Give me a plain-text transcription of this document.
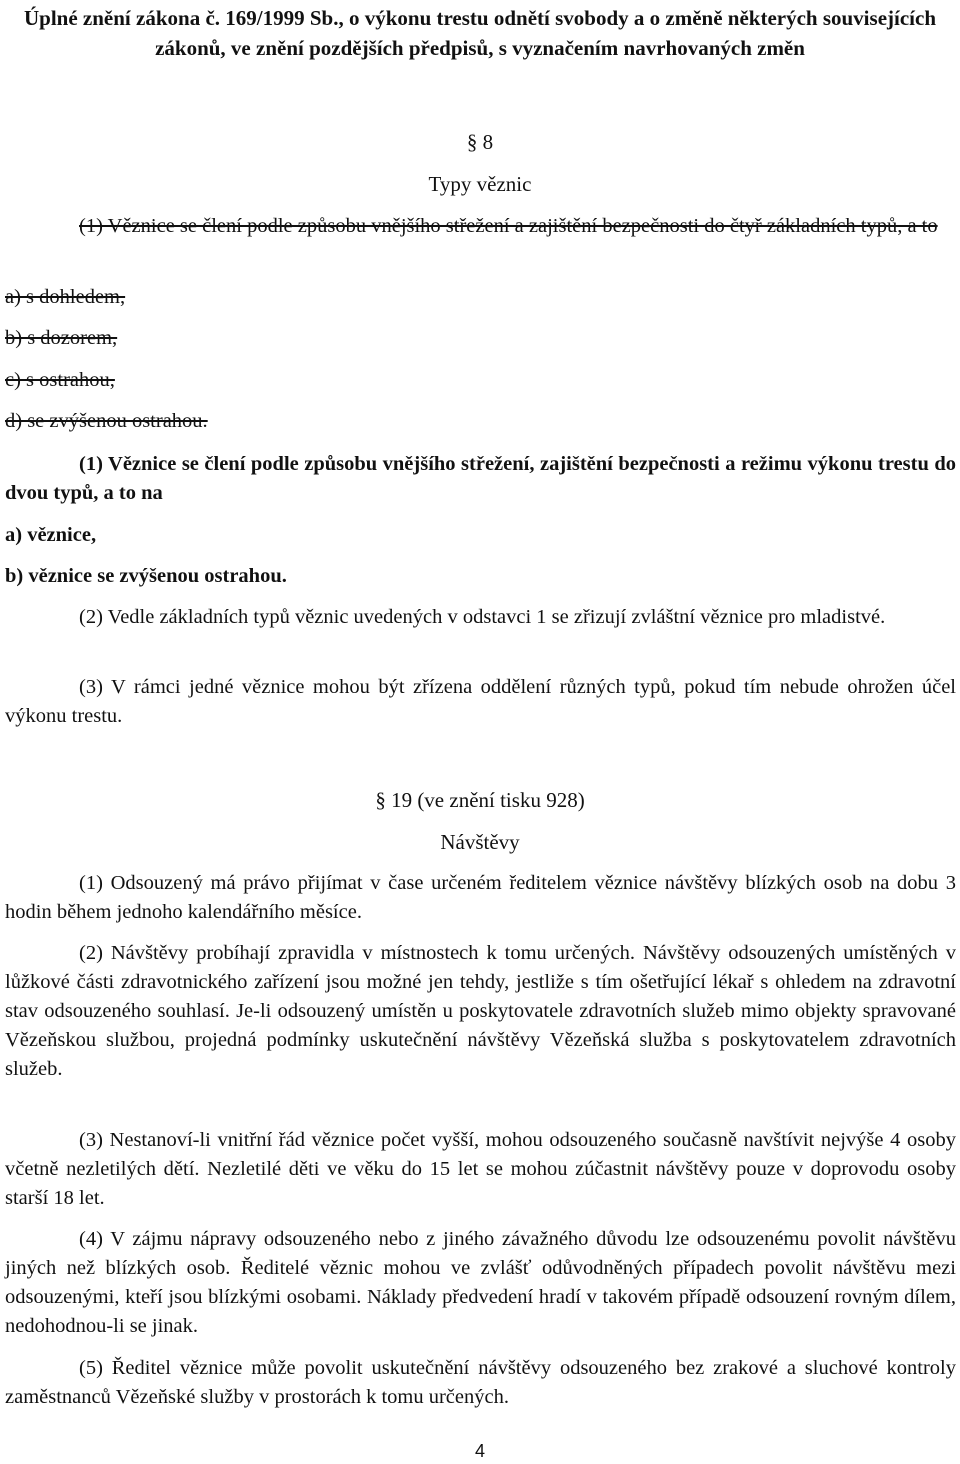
Úplné znění zákona č. 169/1999 Sb., o výkonu trestu odnětí svobody a o změně některých souvisejících zákonů, ve znění pozdějších předpisů, s vyznačením navrhovaných změn
§ 8
Typy věznic
(1) Věznice se člení podle způsobu vnějšího střežení a zajištění bezpečnosti do čtyř základních typů, a to
a) s dohledem,
b) s dozorem,
c) s ostrahou,
d) se zvýšenou ostrahou.
(1) Věznice se člení podle způsobu vnějšího střežení, zajištění bezpečnosti a režimu výkonu trestu do dvou typů, a to na
a) věznice,
b) věznice se zvýšenou ostrahou.
(2) Vedle základních typů věznic uvedených v odstavci 1 se zřizují zvláštní věznice pro mladistvé.
(3) V rámci jedné věznice mohou být zřízena oddělení různých typů, pokud tím nebude ohrožen účel výkonu trestu.
§ 19 (ve znění tisku 928)
Návštěvy
(1) Odsouzený má právo přijímat v čase určeném ředitelem věznice návštěvy blízkých osob na dobu 3 hodin během jednoho kalendářního měsíce.
(2) Návštěvy probíhají zpravidla v místnostech k tomu určených. Návštěvy odsouzených umístěných v lůžkové části zdravotnického zařízení jsou možné jen tehdy, jestliže s tím ošetřující lékař s ohledem na zdravotní stav odsouzeného souhlasí. Je-li odsouzený umístěn u poskytovatele zdravotních služeb mimo objekty spravované Vězeňskou službou, projedná podmínky uskutečnění návštěvy Vězeňská služba s poskytovatelem zdravotních služeb.
(3) Nestanoví-li vnitřní řád věznice počet vyšší, mohou odsouzeného současně navštívit nejvýše 4 osoby včetně nezletilých dětí. Nezletilé děti ve věku do 15 let se mohou zúčastnit návštěvy pouze v doprovodu osoby starší 18 let.
(4) V zájmu nápravy odsouzeného nebo z jiného závažného důvodu lze odsouzenému povolit návštěvu jiných než blízkých osob. Ředitelé věznic mohou ve zvlášť odůvodněných případech povolit návštěvu mezi odsouzenými, kteří jsou blízkými osobami. Náklady předvedení hradí v takovém případě odsouzení rovným dílem, nedohodnou-li se jinak.
(5) Ředitel věznice může povolit uskutečnění návštěvy odsouzeného bez zrakové a sluchové kontroly zaměstnanců Vězeňské služby v prostorách k tomu určených.
4
